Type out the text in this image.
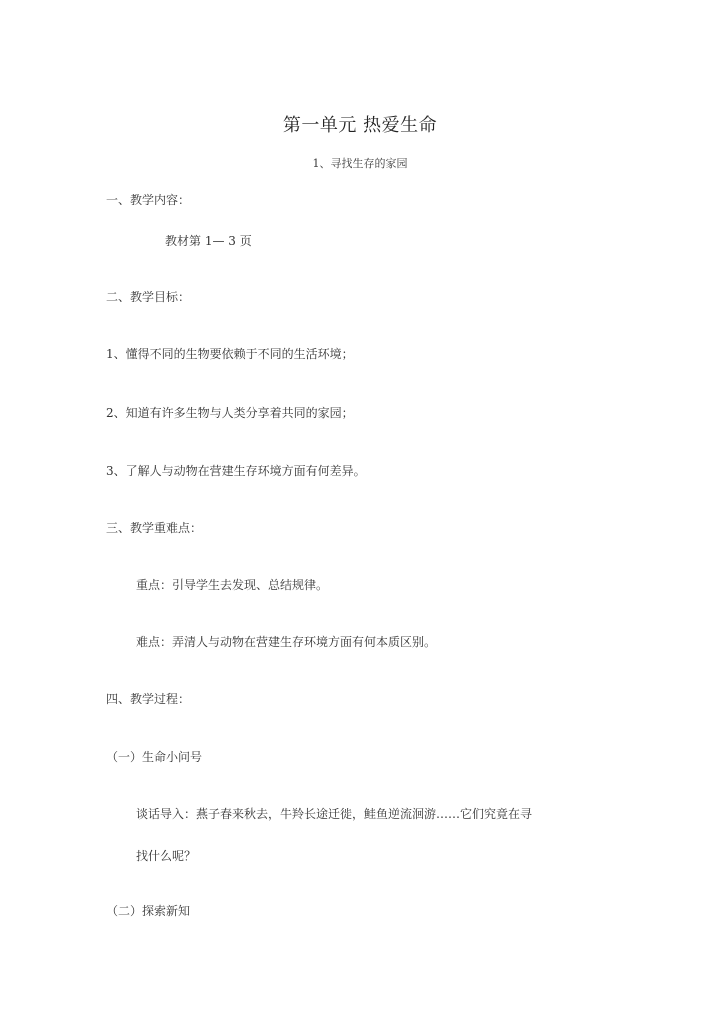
第一单元 热爱生命
1、寻找生存的家园
一、教学内容：
教材第 1— 3 页
二、教学目标：
1、懂得不同的生物要依赖于不同的生活环境；
2、知道有许多生物与人类分享着共同的家园；
3、了解人与动物在营建生存环境方面有何差异。
三、教学重难点：
重点：引导学生去发现、总结规律。
难点：弄清人与动物在营建生存环境方面有何本质区别。
四、教学过程：
（一）生命小问号
谈话导入：燕子春来秋去，牛羚长途迁徙，鲑鱼逆流洄游……它们究竟在寻
找什么呢？
（二）探索新知
